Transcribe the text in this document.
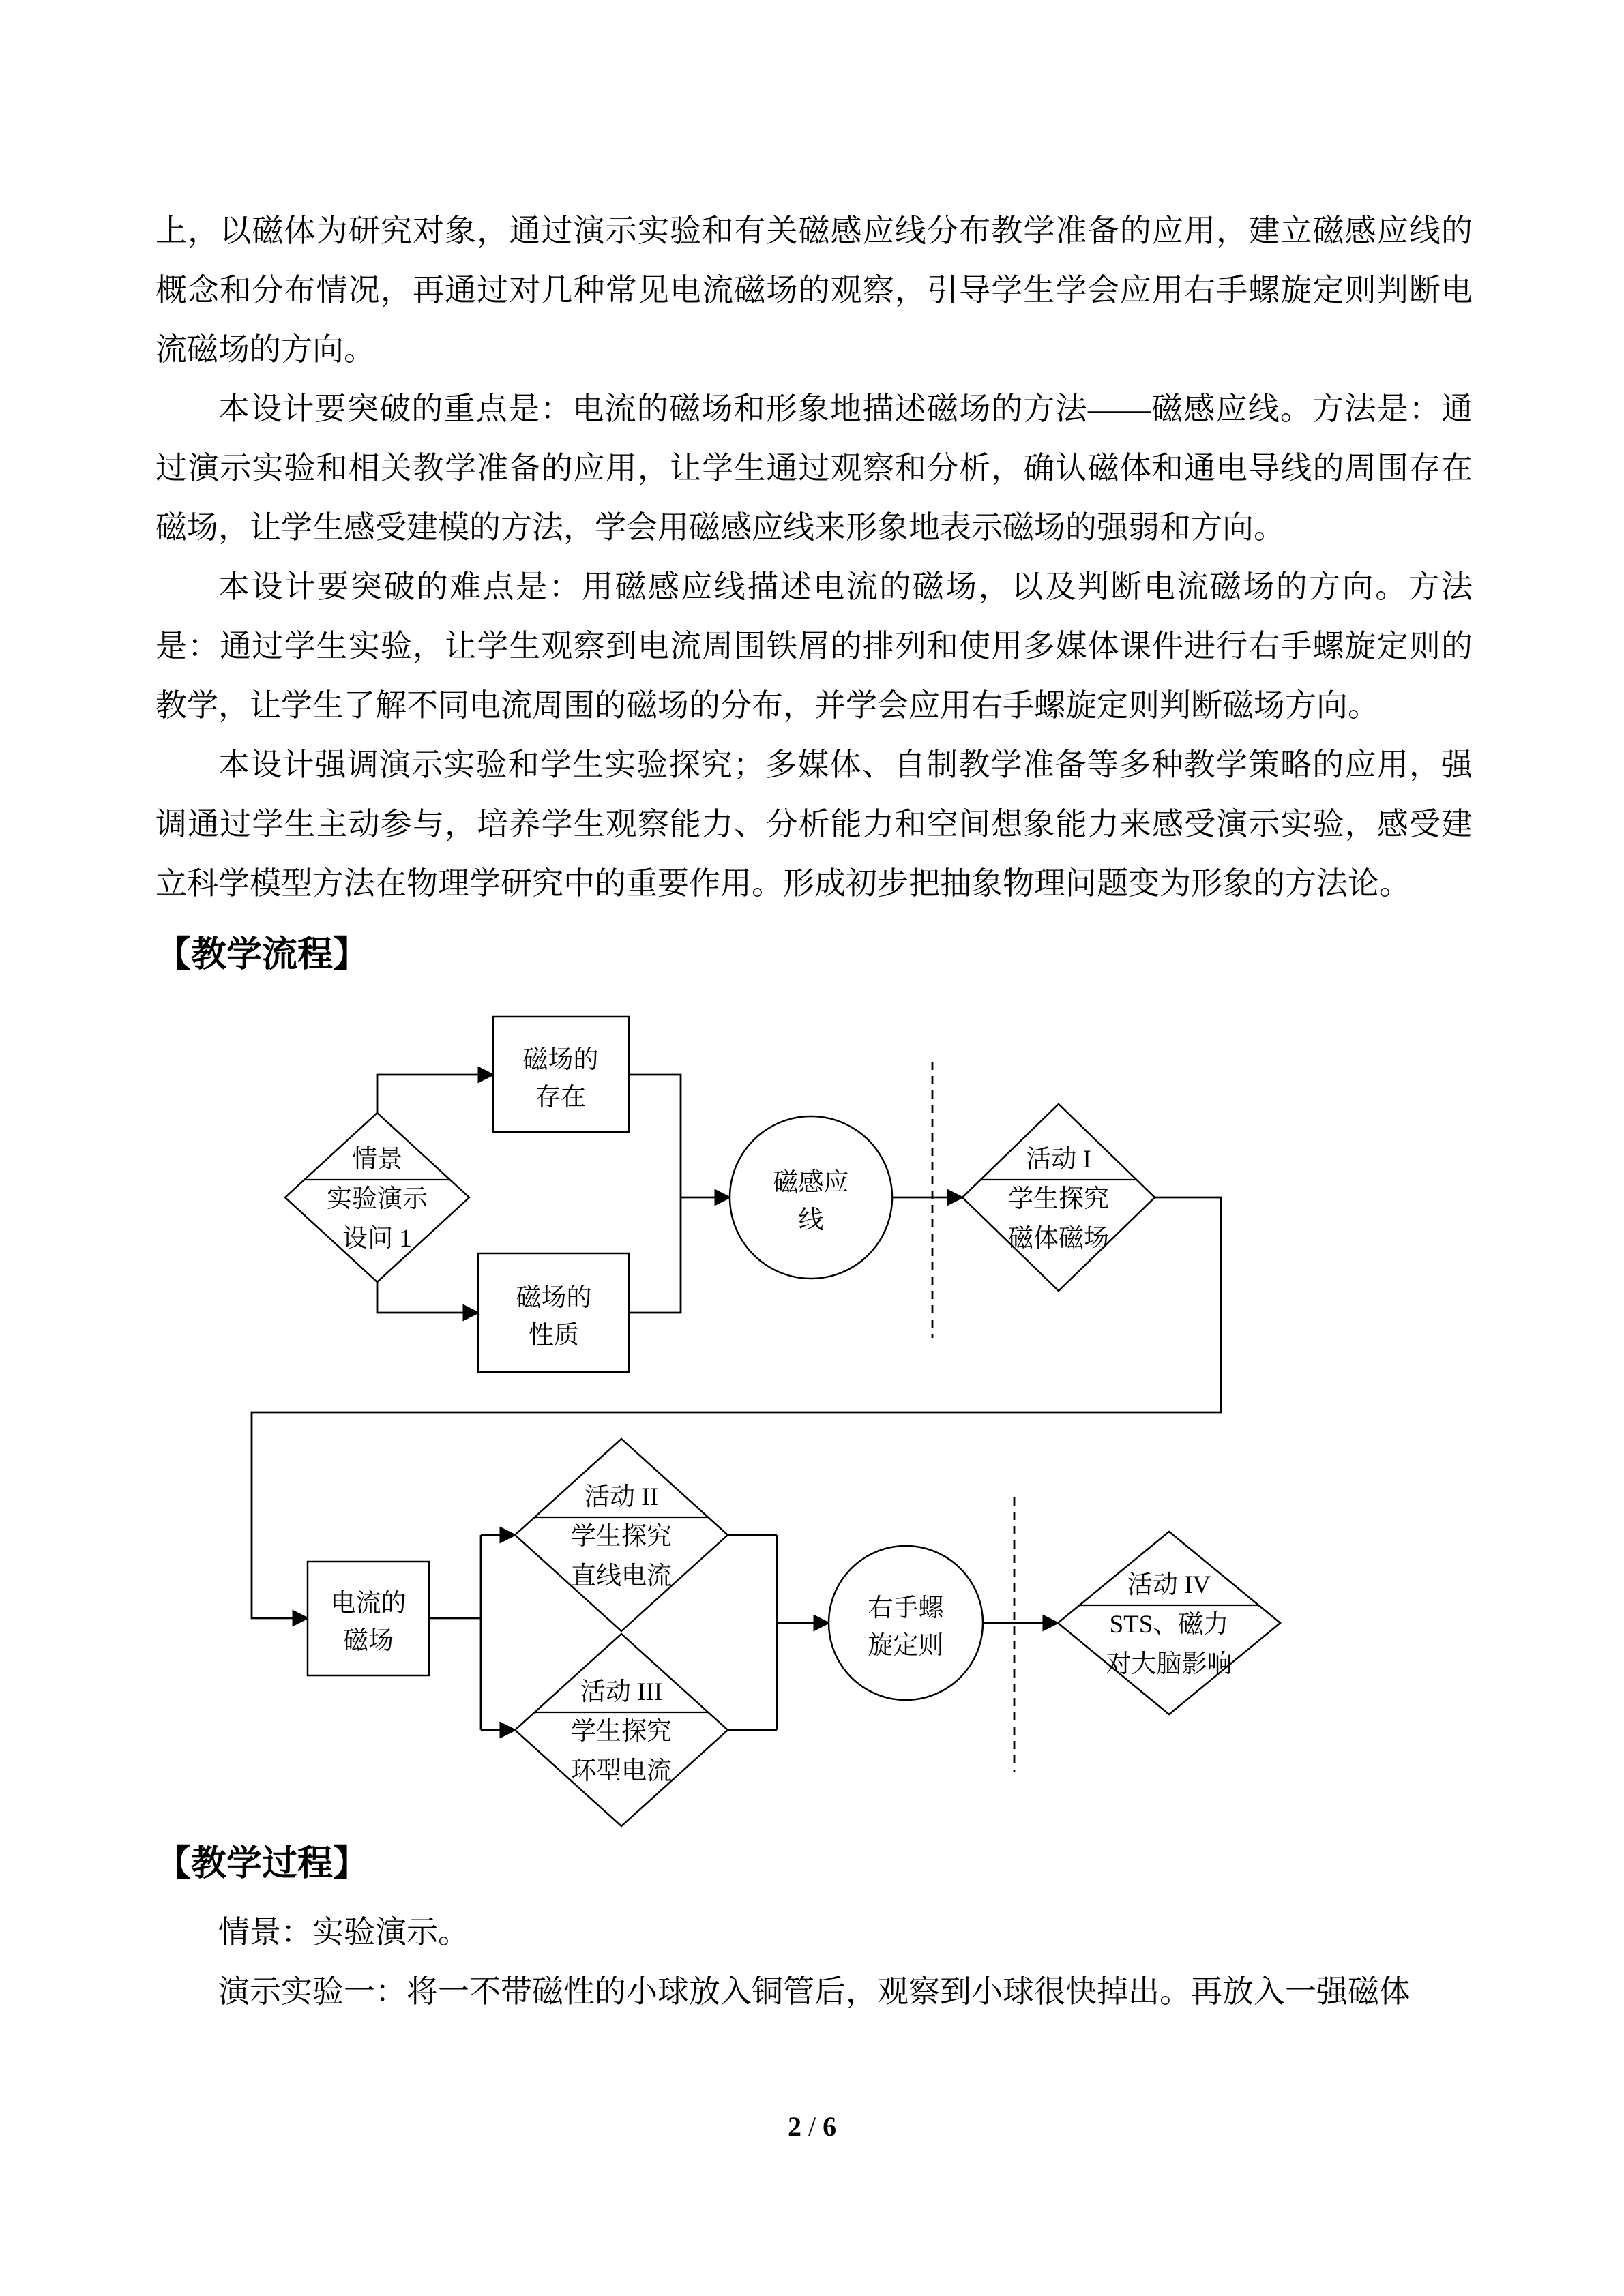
上，以磁体为研究对象，通过演示实验和有关磁感应线分布教学准备的应用，建立磁感应线的概念和分布情况，再通过对几种常见电流磁场的观察，引导学生学会应用右手螺旋定则判断电流磁场的方向。

本设计要突破的重点是：电流的磁场和形象地描述磁场的方法——磁感应线。方法是：通过演示实验和相关教学准备的应用，让学生通过观察和分析，确认磁体和通电导线的周围存在磁场，让学生感受建模的方法，学会用磁感应线来形象地表示磁场的强弱和方向。

本设计要突破的难点是：用磁感应线描述电流的磁场，以及判断电流磁场的方向。方法是：通过学生实验，让学生观察到电流周围铁屑的排列和使用多媒体课件进行右手螺旋定则的教学，让学生了解不同电流周围的磁场的分布，并学会应用右手螺旋定则判断磁场方向。

本设计强调演示实验和学生实验探究；多媒体、自制教学准备等多种教学策略的应用，强调通过学生主动参与，培养学生观察能力、分析能力和空间想象能力来感受演示实验，感受建立科学模型方法在物理学研究中的重要作用。形成初步把抽象物理问题变为形象的方法论。

【教学流程】
磁场的
存在
情景
实验演示
设问 1
磁场的
性质
磁感应
线
活动 I
学生探究
磁体磁场
电流的
磁场
活动 II
学生探究
直线电流
活动 III
学生探究
环型电流
右手螺
旋定则
活动 IV
STS、磁力
对大脑影响
【教学过程】

情景：实验演示。

演示实验一：将一不带磁性的小球放入铜管后，观察到小球很快掉出。再放入一强磁体

2 / 6
